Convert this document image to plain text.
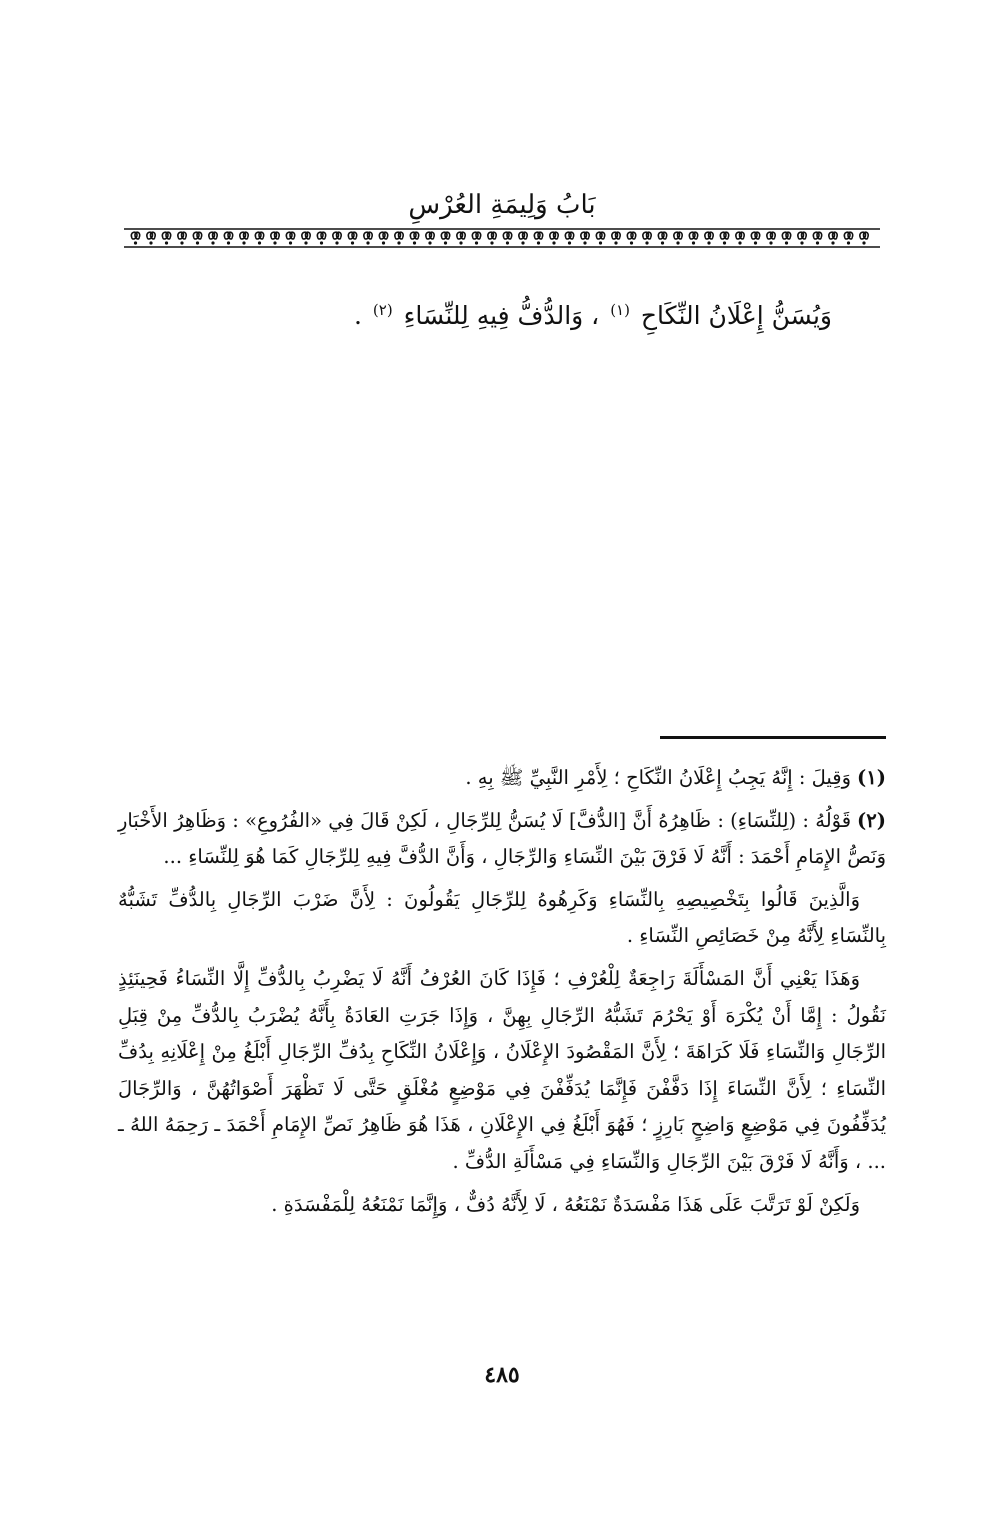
بَابُ وَلِيمَةِ العُرْسِ
وَيُسَنُّ إِعْلَانُ النِّكَاحِ $^{(١)}$ ، وَالدُّفُّ فِيهِ لِلنِّسَاءِ $^{(٢)}$ .

(١)وَقِيلَ : إِنَّهُ يَجِبُ إِعْلَانُ النِّكَاحِ ؛ لِأَمْرِ النَّبِيِّ ﷺ بِهِ .

(٢)قَوْلُهُ : (لِلنِّسَاءِ) : ظَاهِرُهُ أَنَّ [الدُّفَّ] لَا يُسَنُّ لِلرِّجَالِ ، لَكِنْ قَالَ فِي «الفُرُوعِ» : وَظَاهِرُ الأَخْبَارِ وَنَصُّ الإِمَامِ أَحْمَدَ : أَنَّهُ لَا فَرْقَ بَيْنَ النِّسَاءِ وَالرِّجَالِ ، وَأَنَّ الدُّفَّ فِيهِ لِلرِّجَالِ كَمَا هُوَ لِلنِّسَاءِ ...

وَالَّذِينَ قَالُوا بِتَخْصِيصِهِ بِالنِّسَاءِ وَكَرِهُوهُ لِلرِّجَالِ يَقُولُونَ : لِأَنَّ ضَرْبَ الرِّجَالِ بِالدُّفِّ تَشَبُّهٌ بِالنِّسَاءِ لِأَنَّهُ مِنْ خَصَائِصِ النِّسَاءِ .

وَهَذَا يَعْنِي أَنَّ المَسْأَلَةَ رَاجِعَةٌ لِلْعُرْفِ ؛ فَإِذَا كَانَ العُرْفُ أَنَّهُ لَا يَضْرِبُ بِالدُّفِّ إِلَّا النِّسَاءُ فَحِينَئِذٍ نَقُولُ : إِمَّا أَنْ يُكْرَهَ أَوْ يَحْرُمَ تَشَبُّهُ الرِّجَالِ بِهِنَّ ، وَإِذَا جَرَتِ العَادَةُ بِأَنَّهُ يُضْرَبُ بِالدُّفِّ مِنْ قِبَلِ الرِّجَالِ وَالنِّسَاءِ فَلَا كَرَاهَةَ ؛ لِأَنَّ المَقْصُودَ الإِعْلَانُ ، وَإِعْلَانُ النِّكَاحِ بِدُفِّ الرِّجَالِ أَبْلَغُ مِنْ إِعْلَانِهِ بِدُفِّ النِّسَاءِ ؛ لِأَنَّ النِّسَاءَ إِذَا دَفَّفْنَ فَإِنَّمَا يُدَفِّفْنَ فِي مَوْضِعٍ مُغْلَقٍ حَتَّى لَا تَظْهَرَ أَصْوَاتُهُنَّ ، وَالرِّجَالَ يُدَفِّفُونَ فِي مَوْضِعٍ وَاضِحٍ بَارِزٍ ؛ فَهُوَ أَبْلَغُ فِي الإِعْلَانِ ، هَذَا هُوَ ظَاهِرُ نَصِّ الإِمَامِ أَحْمَدَ ـ رَحِمَهُ اللهُ ـ ... ، وَأَنَّهُ لَا فَرْقَ بَيْنَ الرِّجَالِ وَالنِّسَاءِ فِي مَسْأَلَةِ الدُّفِّ .

وَلَكِنْ لَوْ تَرَتَّبَ عَلَى هَذَا مَفْسَدَةٌ نَمْنَعُهُ ، لَا لِأَنَّهُ دُفٌّ ، وَإِنَّمَا نَمْنَعُهُ لِلْمَفْسَدَةِ .

٤٨٥
